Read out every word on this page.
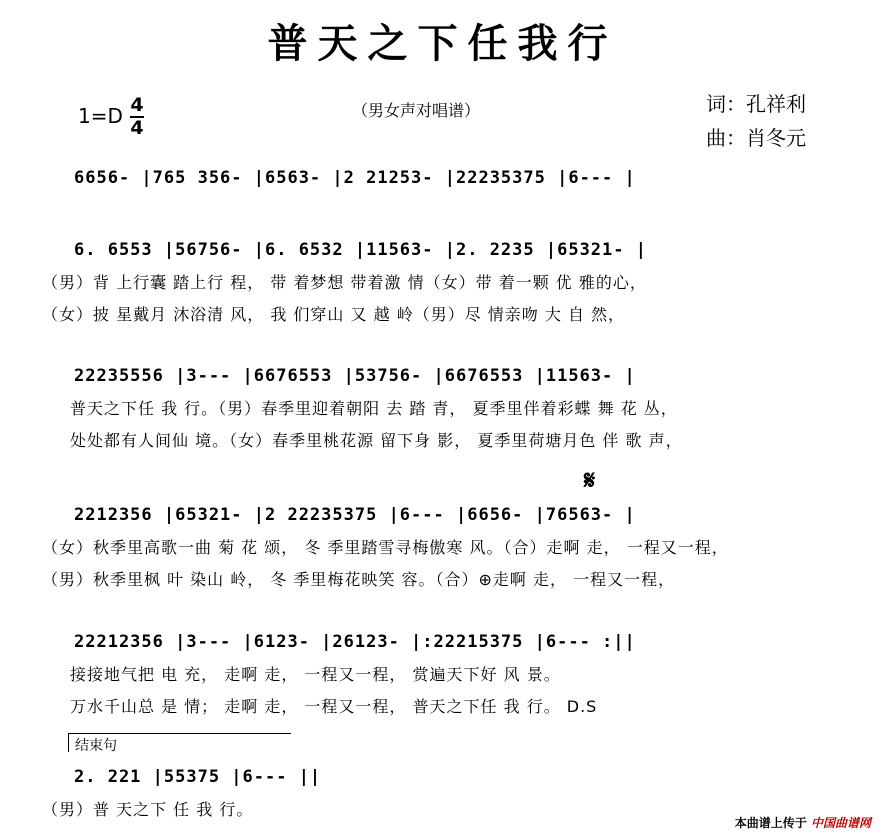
普天之下任我行
1=D 4
4
（男女声对唱谱）	词：孔祥利
曲：肖冬元
6656- |765 356- |6563- |2 21253- |22235375 |6--- |
6. 6553 |56756- |6. 6532 |11563- |2. 2235 |65321- |
（男）背 上行囊 踏上行 程， 带 着梦想 带着激 情（女）带 着一颗 优 雅的心，
（女）披 星戴月 沐浴清 风， 我 们穿山 又 越 岭（男）尽 情亲吻 大 自 然，
22235556 |3--- |6676553 |53756- |6676553 |11563- |
普天之下任 我 行。（男）春季里迎着朝阳 去 踏 青， 夏季里伴着彩蝶 舞 花 丛，
处处都有人间仙 境。（女）春季里桃花源 留下身 影， 夏季里荷塘月色 伴 歌 声，
𝄋
2212356 |65321- |2 22235375 |6--- |6656- |76563- |
（女）秋季里高歌一曲 菊 花 颂， 冬 季里踏雪寻梅傲寒 风。（合）走啊 走， 一程又一程，
（男）秋季里枫 叶 染山 岭， 冬 季里梅花映笑 容。（合）⊕走啊 走， 一程又一程，
22212356 |3--- |6123- |26123- |:22215375 |6--- :||
接接地气把 电 充， 走啊 走， 一程又一程， 赏遍天下好 风 景。
万水千山总 是 情； 走啊 走， 一程又一程， 普天之下任 我 行。 D.S
结束句
2. 221 |55375 |6--- ||
（男）普 天之下 任 我 行。
本曲谱上传于 中国曲谱网
